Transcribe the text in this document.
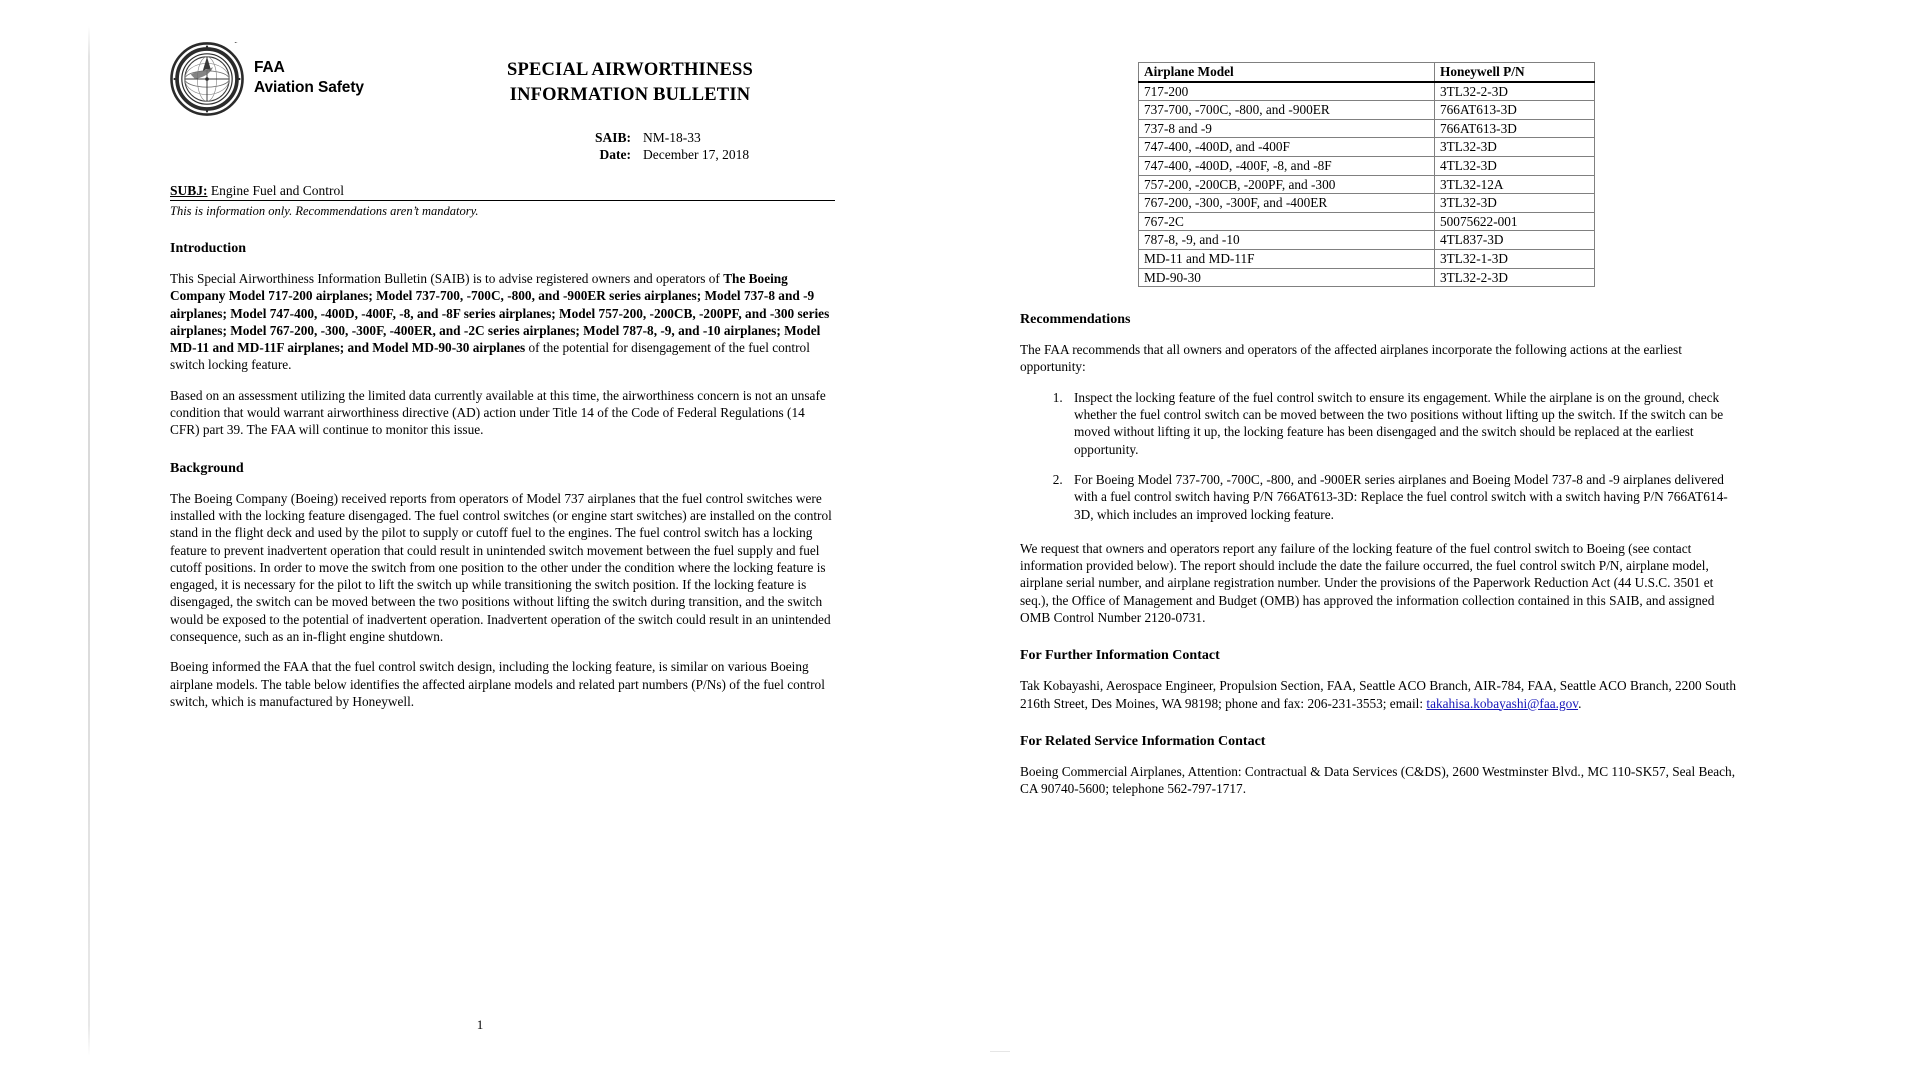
FAA
Aviation Safety
SPECIAL AIRWORTHINESS
INFORMATION BULLETIN
SAIB: NM-18-33
Date: December 17, 2018
SUBJ: Engine Fuel and Control
This is information only. Recommendations aren’t mandatory.
Introduction

This Special Airworthiness Information Bulletin (SAIB) is to advise registered owners and operators of The Boeing Company Model 717-200 airplanes; Model 737-700, -700C, -800, and -900ER series airplanes; Model 737-8 and -9 airplanes; Model 747-400, -400D, -400F, -8, and -8F series airplanes; Model 757-200, -200CB, -200PF, and -300 series airplanes; Model 767-200, -300, -300F, -400ER, and -2C series airplanes; Model 787-8, -9, and -10 airplanes; Model MD-11 and MD-11F airplanes; and Model MD-90-30 airplanes of the potential for disengagement of the fuel control switch locking feature.

Based on an assessment utilizing the limited data currently available at this time, the airworthiness concern is not an unsafe condition that would warrant airworthiness directive (AD) action under Title 14 of the Code of Federal Regulations (14 CFR) part 39. The FAA will continue to monitor this issue.

Background

The Boeing Company (Boeing) received reports from operators of Model 737 airplanes that the fuel control switches were installed with the locking feature disengaged. The fuel control switches (or engine start switches) are installed on the control stand in the flight deck and used by the pilot to supply or cutoff fuel to the engines. The fuel control switch has a locking feature to prevent inadvertent operation that could result in unintended switch movement between the fuel supply and fuel cutoff positions. In order to move the switch from one position to the other under the condition where the locking feature is engaged, it is necessary for the pilot to lift the switch up while transitioning the switch position. If the locking feature is disengaged, the switch can be moved between the two positions without lifting the switch during transition, and the switch would be exposed to the potential of inadvertent operation. Inadvertent operation of the switch could result in an unintended consequence, such as an in-flight engine shutdown.

Boeing informed the FAA that the fuel control switch design, including the locking feature, is similar on various Boeing airplane models. The table below identifies the affected airplane models and related part numbers (P/Ns) of the fuel control switch, which is manufactured by Honeywell.

1
Airplane Model	Honeywell P/N
717-200	3TL32-2-3D
737-700, -700C, -800, and -900ER	766AT613-3D
737-8 and -9	766AT613-3D
747-400, -400D, and -400F	3TL32-3D
747-400, -400D, -400F, -8, and -8F	4TL32-3D
757-200, -200CB, -200PF, and -300	3TL32-12A
767-200, -300, -300F, and -400ER	3TL32-3D
767-2C	50075622-001
787-8, -9, and -10	4TL837-3D
MD-11 and MD-11F	3TL32-1-3D
MD-90-30	3TL32-2-3D
Recommendations

The FAA recommends that all owners and operators of the affected airplanes incorporate the following actions at the earliest opportunity:

1. Inspect the locking feature of the fuel control switch to ensure its engagement. While the airplane is on the ground, check whether the fuel control switch can be moved between the two positions without lifting up the switch. If the switch can be moved without lifting it up, the locking feature has been disengaged and the switch should be replaced at the earliest opportunity.
2. For Boeing Model 737-700, -700C, -800, and -900ER series airplanes and Boeing Model 737-8 and -9 airplanes delivered with a fuel control switch having P/N 766AT613-3D: Replace the fuel control switch with a switch having P/N 766AT614-3D, which includes an improved locking feature.

We request that owners and operators report any failure of the locking feature of the fuel control switch to Boeing (see contact information provided below). The report should include the date the failure occurred, the fuel control switch P/N, airplane model, airplane serial number, and airplane registration number. Under the provisions of the Paperwork Reduction Act (44 U.S.C. 3501 et seq.), the Office of Management and Budget (OMB) has approved the information collection contained in this SAIB, and assigned OMB Control Number 2120-0731.

For Further Information Contact

Tak Kobayashi, Aerospace Engineer, Propulsion Section, FAA, Seattle ACO Branch, AIR-784, FAA, Seattle ACO Branch, 2200 South 216th Street, Des Moines, WA 98198; phone and fax: 206-231-3553; email: takahisa.kobayashi@faa.gov.

For Related Service Information Contact

Boeing Commercial Airplanes, Attention: Contractual & Data Services (C&DS), 2600 Westminster Blvd., MC 110-SK57, Seal Beach, CA 90740-5600; telephone 562-797-1717.
